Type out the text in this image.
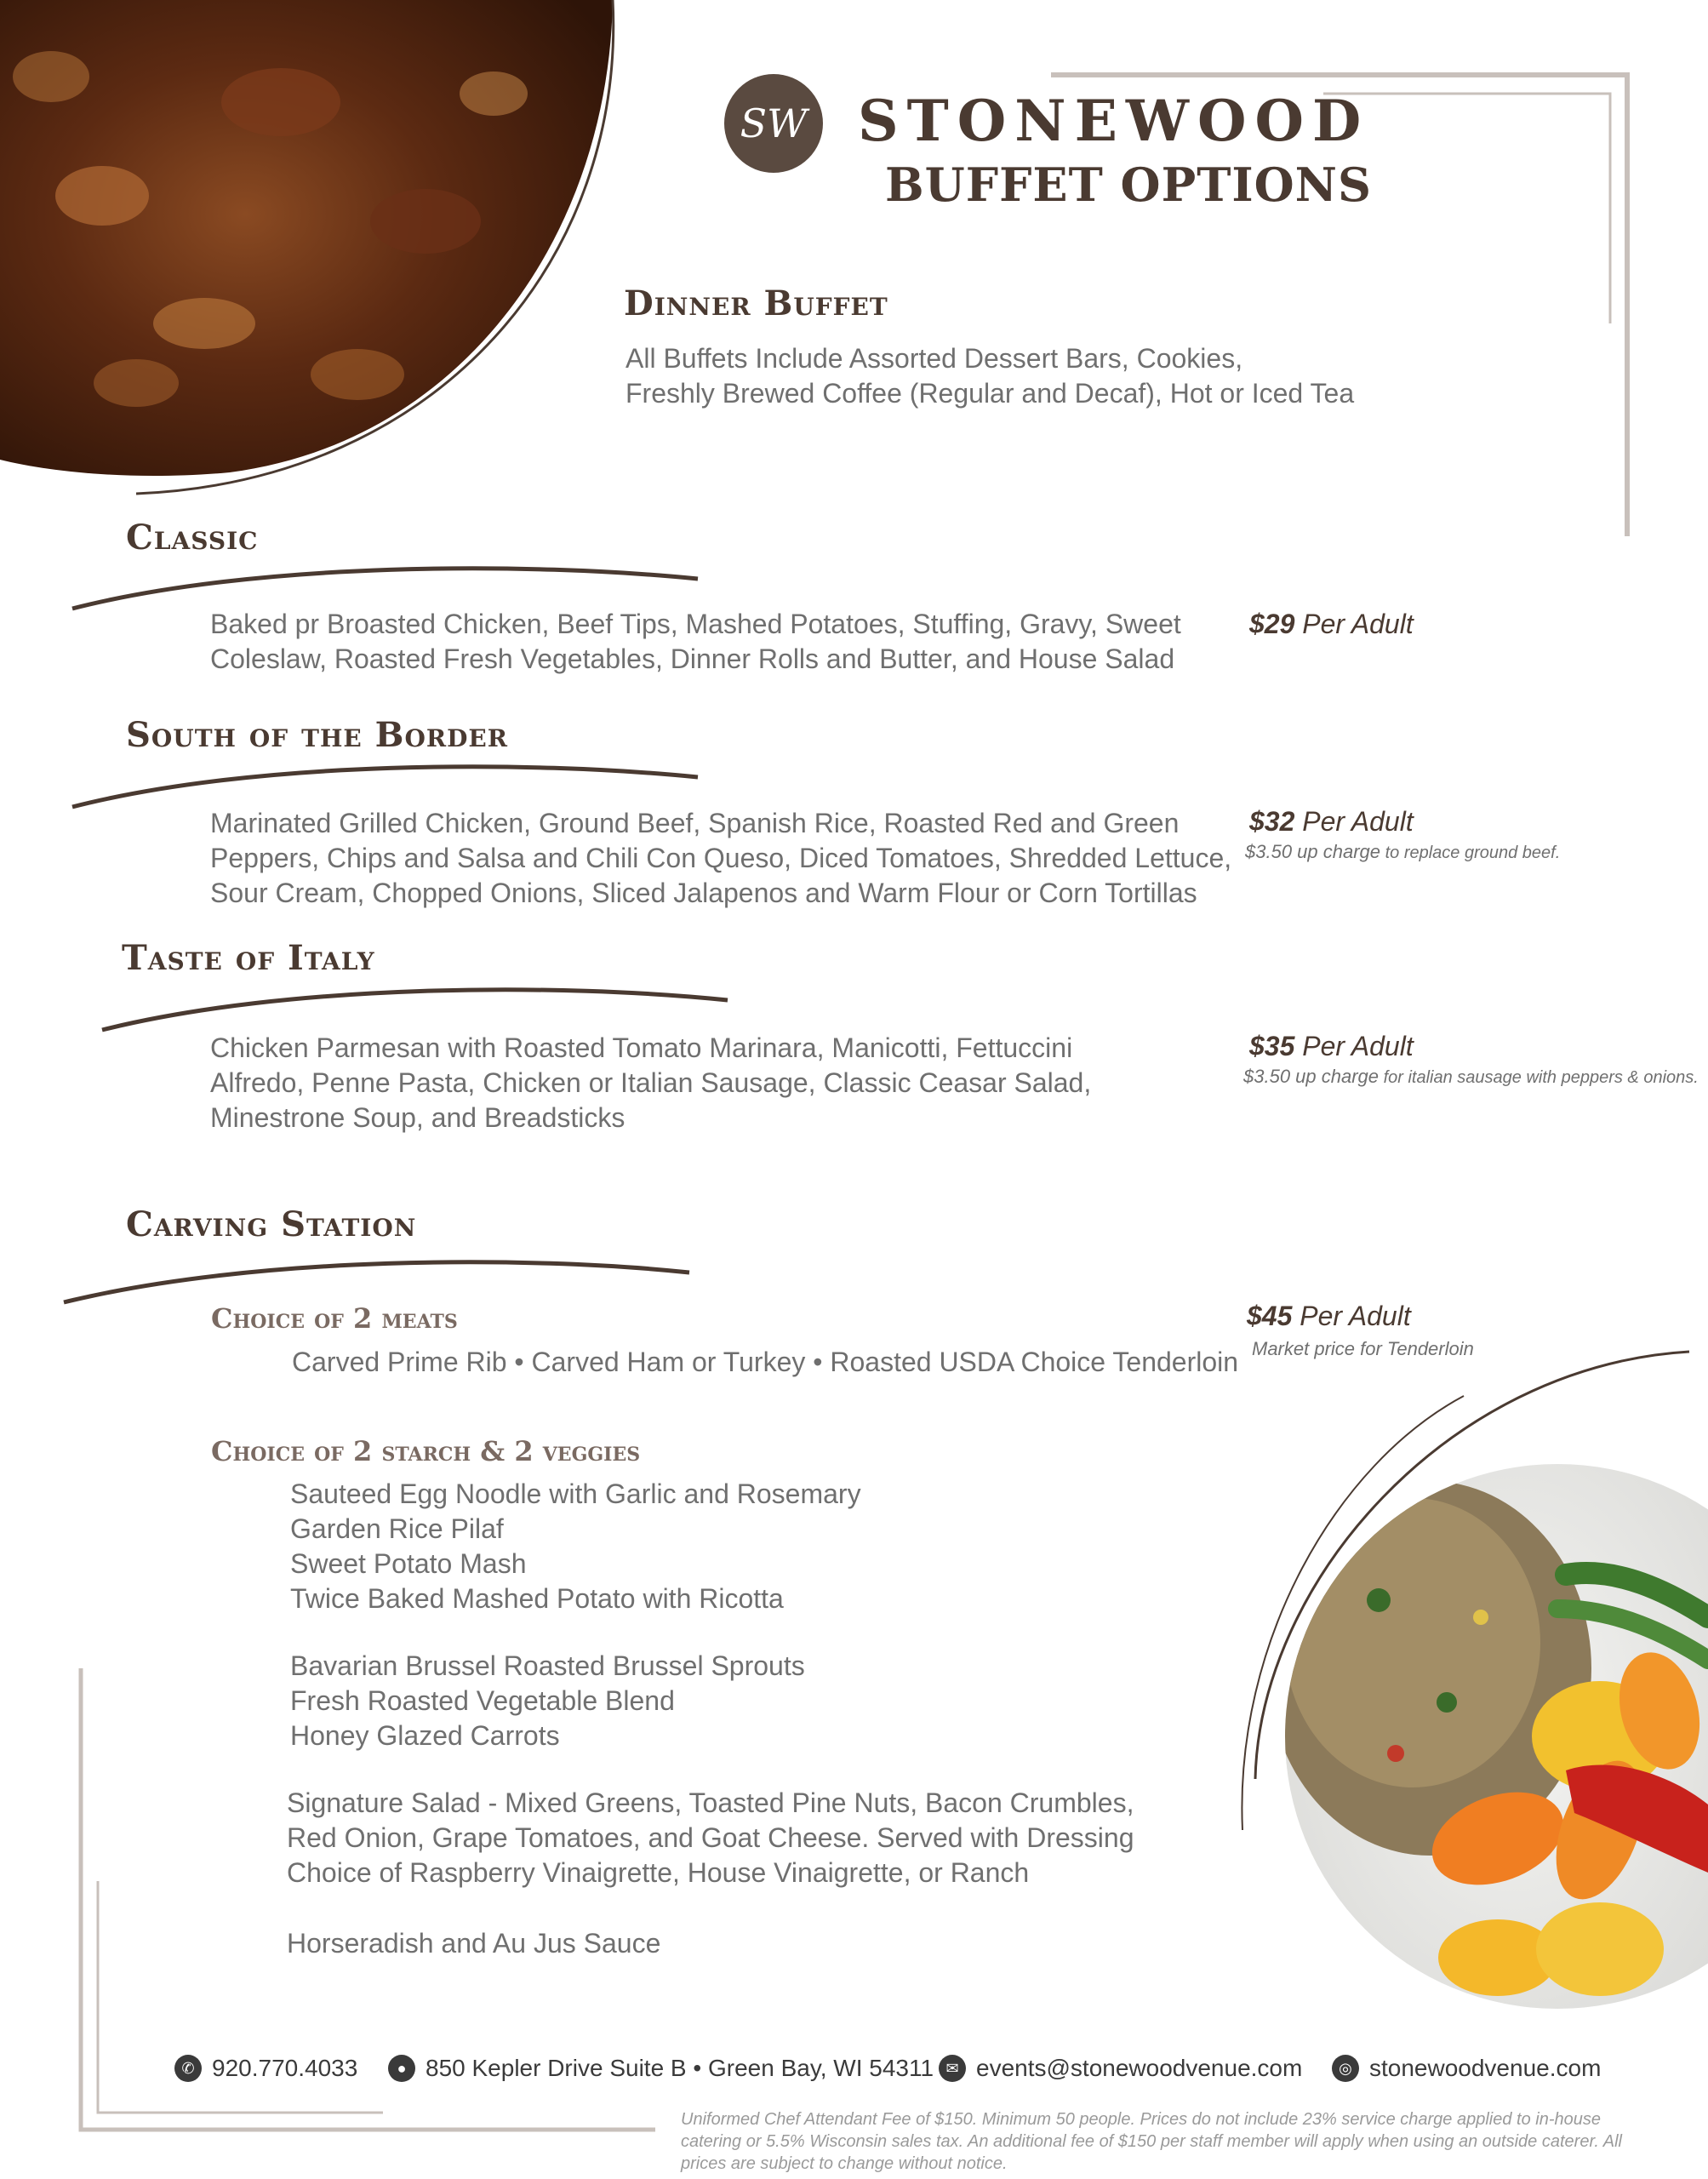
SW STONEWOOD
BUFFET OPTIONS
Dinner Buffet
All Buffets Include Assorted Dessert Bars, Cookies,
Freshly Brewed Coffee (Regular and Decaf), Hot or Iced Tea
Classic
Baked pr Broasted Chicken, Beef Tips, Mashed Potatoes, Stuffing, Gravy, Sweet
Coleslaw, Roasted Fresh Vegetables, Dinner Rolls and Butter, and House Salad
$29 Per Adult
South of the Border
Marinated Grilled Chicken, Ground Beef, Spanish Rice, Roasted Red and Green
Peppers, Chips and Salsa and Chili Con Queso, Diced Tomatoes, Shredded Lettuce,
Sour Cream, Chopped Onions, Sliced Jalapenos and Warm Flour or Corn Tortillas
$32 Per Adult
$3.50 up charge to replace ground beef.
Taste of Italy
Chicken Parmesan with Roasted Tomato Marinara, Manicotti, Fettuccini
Alfredo, Penne Pasta, Chicken or Italian Sausage, Classic Ceasar Salad,
Minestrone Soup, and Breadsticks
$35 Per Adult
$3.50 up charge for italian sausage with peppers & onions.
Carving Station
$45 Per Adult
Market price for Tenderloin
Choice of 2 meats
Carved Prime Rib • Carved Ham or Turkey • Roasted USDA Choice Tenderloin
Choice of 2 starch & 2 veggies
Sauteed Egg Noodle with Garlic and Rosemary
Garden Rice Pilaf
Sweet Potato Mash
Twice Baked Mashed Potato with Ricotta
Bavarian Brussel Roasted Brussel Sprouts
Fresh Roasted Vegetable Blend
Honey Glazed Carrots
Signature Salad - Mixed Greens, Toasted Pine Nuts, Bacon Crumbles,
Red Onion, Grape Tomatoes, and Goat Cheese. Served with Dressing
Choice of Raspberry Vinaigrette, House Vinaigrette, or Ranch
Horseradish and Au Jus Sauce
✆ 920.770.4033	● 850 Kepler Drive Suite B • Green Bay, WI 54311 ✉ events@stonewoodvenue.com	◎ stonewoodvenue.com
Uniformed Chef Attendant Fee of $150. Minimum 50 people. Prices do not include 23% service charge applied to in-house catering or 5.5% Wisconsin sales tax. An additional fee of $150 per staff member will apply when using an outside caterer. All prices are subject to change without notice.
